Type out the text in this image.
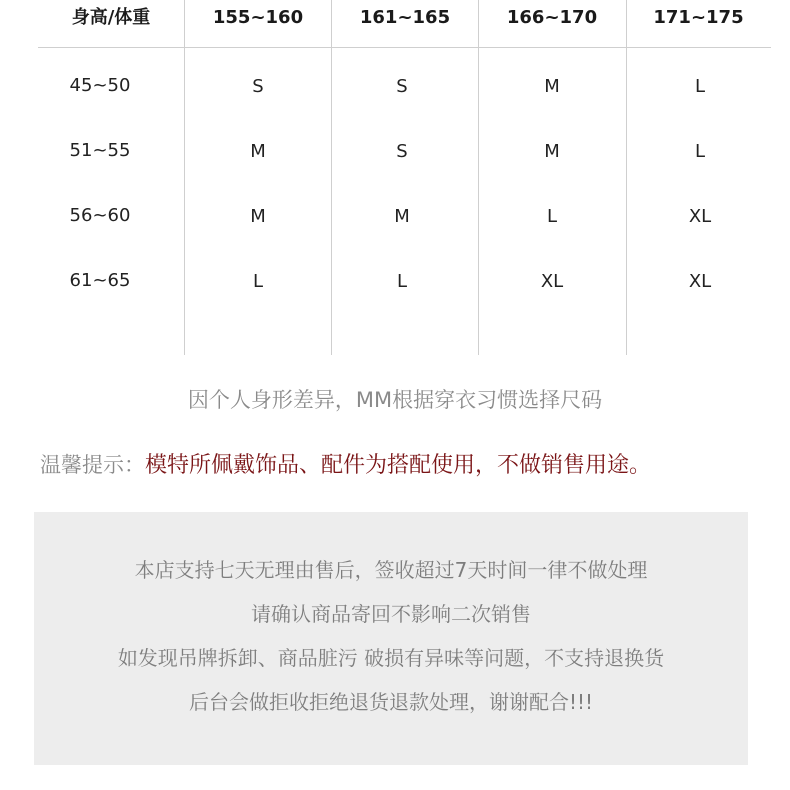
身高/体重	155~160	161~165	166~170	171~175
45~50	S	S	M	L
51~55	M	S	M	L
56~60	M	M	L	XL
61~65	L	L	XL	XL
因个人身形差异，MM根据穿衣习惯选择尺码
温馨提示：模特所佩戴饰品、配件为搭配使用，不做销售用途。
本店支持七天无理由售后，签收超过7天时间一律不做处理
请确认商品寄回不影响二次销售
如发现吊牌拆卸、商品脏污 破损有异味等问题，不支持退换货
后台会做拒收拒绝退货退款处理，谢谢配合!!!
